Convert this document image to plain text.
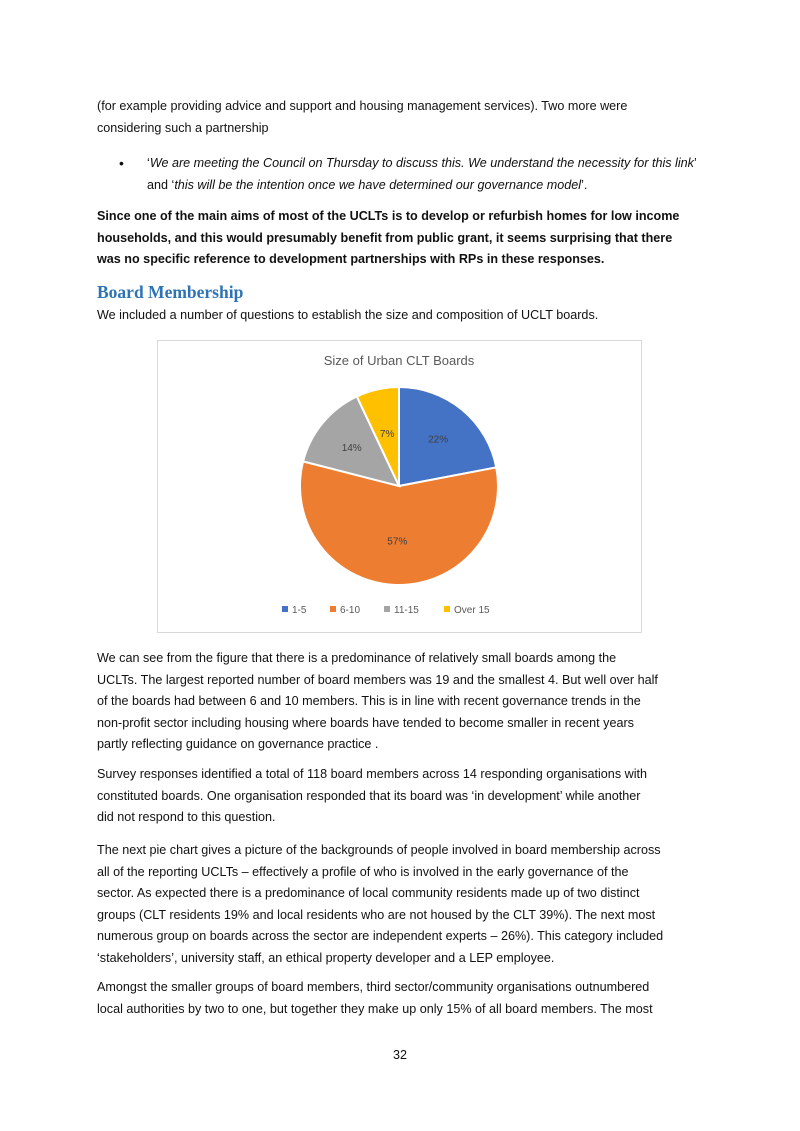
(for example providing advice and support and housing management services). Two more were
considering such a partnership

• ‘We are meeting the Council on Thursday to discuss this. We understand the necessity for this link’
and ‘this will be the intention once we have determined our governance model’.

Since one of the main aims of most of the UCLTs is to develop or refurbish homes for low income
households, and this would presumably benefit from public grant, it seems surprising that there
was no specific reference to development partnerships with RPs in these responses.

Board Membership

We included a number of questions to establish the size and composition of UCLT boards.

Size of Urban CLT Boards
22%
57%
14%
7%
1-5	6-10	11-15	Over 15

We can see from the figure that there is a predominance of relatively small boards among the
UCLTs. The largest reported number of board members was 19 and the smallest 4. But well over half
of the boards had between 6 and 10 members. This is in line with recent governance trends in the
non-profit sector including housing where boards have tended to become smaller in recent years
partly reflecting guidance on governance practice .

Survey responses identified a total of 118 board members across 14 responding organisations with
constituted boards. One organisation responded that its board was ‘in development’ while another
did not respond to this question.

The next pie chart gives a picture of the backgrounds of people involved in board membership across
all of the reporting UCLTs – effectively a profile of who is involved in the early governance of the
sector. As expected there is a predominance of local community residents made up of two distinct
groups (CLT residents 19% and local residents who are not housed by the CLT 39%). The next most
numerous group on boards across the sector are independent experts – 26%). This category included
‘stakeholders’, university staff, an ethical property developer and a LEP employee.

Amongst the smaller groups of board members, third sector/community organisations outnumbered
local authorities by two to one, but together they make up only 15% of all board members. The most

32
